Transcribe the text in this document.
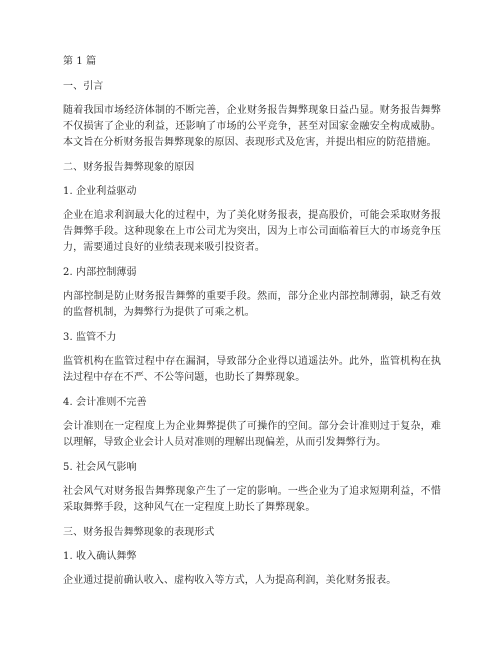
第 1 篇

一、引言

随着我国市场经济体制的不断完善，企业财务报告舞弊现象日益凸显。财务报告舞弊不仅损害了企业的利益，还影响了市场的公平竞争，甚至对国家金融安全构成威胁。本文旨在分析财务报告舞弊现象的原因、表现形式及危害，并提出相应的防范措施。

二、财务报告舞弊现象的原因

1. 企业利益驱动

企业在追求利润最大化的过程中，为了美化财务报表，提高股价，可能会采取财务报告舞弊手段。这种现象在上市公司尤为突出，因为上市公司面临着巨大的市场竞争压力，需要通过良好的业绩表现来吸引投资者。

2. 内部控制薄弱

内部控制是防止财务报告舞弊的重要手段。然而，部分企业内部控制薄弱，缺乏有效的监督机制，为舞弊行为提供了可乘之机。

3. 监管不力

监管机构在监管过程中存在漏洞，导致部分企业得以逍遥法外。此外，监管机构在执法过程中存在不严、不公等问题，也助长了舞弊现象。

4. 会计准则不完善

会计准则在一定程度上为企业舞弊提供了可操作的空间。部分会计准则过于复杂，难以理解，导致企业会计人员对准则的理解出现偏差，从而引发舞弊行为。

5. 社会风气影响

社会风气对财务报告舞弊现象产生了一定的影响。一些企业为了追求短期利益，不惜采取舞弊手段，这种风气在一定程度上助长了舞弊现象。

三、财务报告舞弊现象的表现形式

1. 收入确认舞弊

企业通过提前确认收入、虚构收入等方式，人为提高利润，美化财务报表。
